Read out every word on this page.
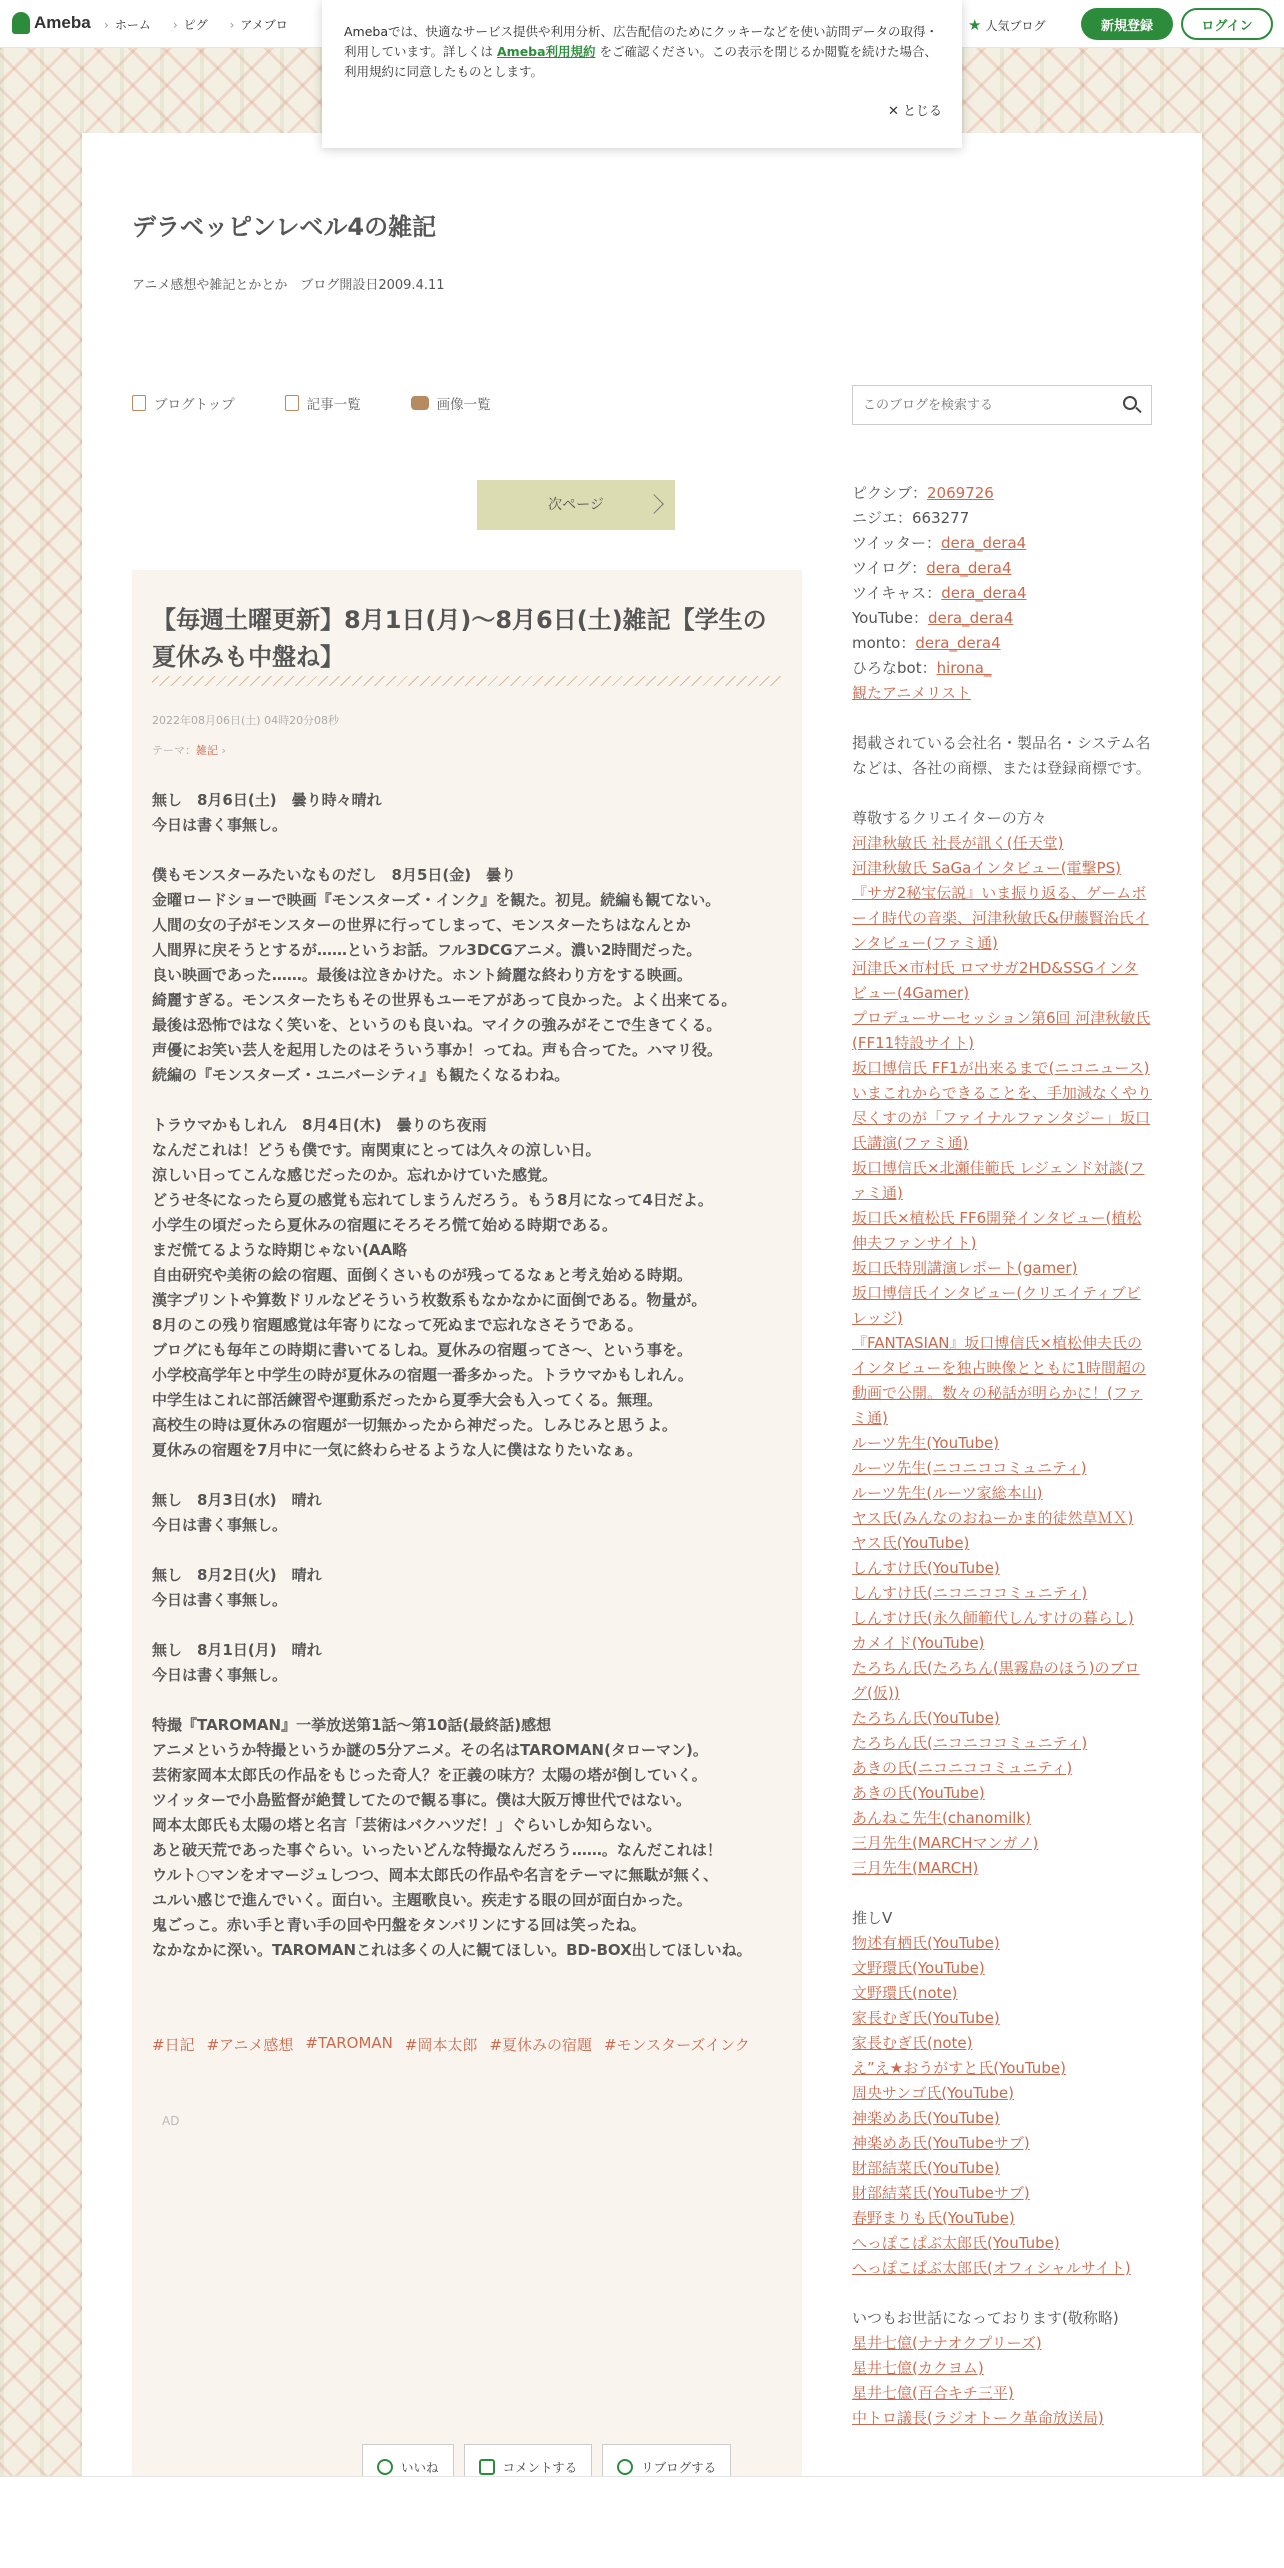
Ameba	› ホーム	› ピグ	› アメブロ	★ 人気ブログ	新規登録	ログイン
デラベッピンレベル4の雑記
アニメ感想や雑記とかとか　ブログ開設日2009.4.11
ブログトップ	記事一覧	画像一覧
このブログを検索する
次ページ
【毎週土曜更新】8月1日(月)〜8月6日(土)雑記【学生の夏休みも中盤ね】
2022年08月06日(土) 04時20分08秒
テーマ：雑記 ›
無し　8月6日(土)　曇り時々晴れ
今日は書く事無し。
僕もモンスターみたいなものだし　8月5日(金)　曇り
金曜ロードショーで映画『モンスターズ・インク』を観た。初見。続編も観てない。
人間の女の子がモンスターの世界に行ってしまって、モンスターたちはなんとか
人間界に戻そうとするが……というお話。フル3DCGアニメ。濃い2時間だった。
良い映画であった……。最後は泣きかけた。ホント綺麗な終わり方をする映画。
綺麗すぎる。モンスターたちもその世界もユーモアがあって良かった。よく出来てる。
最後は恐怖ではなく笑いを、というのも良いね。マイクの強みがそこで生きてくる。
声優にお笑い芸人を起用したのはそういう事か！ってね。声も合ってた。ハマリ役。
続編の『モンスターズ・ユニバーシティ』も観たくなるわね。
トラウマかもしれん　8月4日(木)　曇りのち夜雨
なんだこれは！どうも僕です。南関東にとっては久々の涼しい日。
涼しい日ってこんな感じだったのか。忘れかけていた感覚。
どうせ冬になったら夏の感覚も忘れてしまうんだろう。もう8月になって4日だよ。
小学生の頃だったら夏休みの宿題にそろそろ慌て始める時期である。
まだ慌てるような時期じゃない(AA略
自由研究や美術の絵の宿題、面倒くさいものが残ってるなぁと考え始める時期。
漢字プリントや算数ドリルなどそういう枚数系もなかなかに面倒である。物量が。
8月のこの残り宿題感覚は年寄りになって死ぬまで忘れなさそうである。
ブログにも毎年この時期に書いてるしね。夏休みの宿題ってさ～、という事を。
小学校高学年と中学生の時が夏休みの宿題一番多かった。トラウマかもしれん。
中学生はこれに部活練習や運動系だったから夏季大会も入ってくる。無理。
高校生の時は夏休みの宿題が一切無かったから神だった。しみじみと思うよ。
夏休みの宿題を7月中に一気に終わらせるような人に僕はなりたいなぁ。
無し　8月3日(水)　晴れ
今日は書く事無し。
無し　8月2日(火)　晴れ
今日は書く事無し。
無し　8月1日(月)　晴れ
今日は書く事無し。
特撮『TAROMAN』一挙放送第1話～第10話(最終話)感想
アニメというか特撮というか謎の5分アニメ。その名はTAROMAN(タローマン)。
芸術家岡本太郎氏の作品をもじった奇人？を正義の味方？太陽の塔が倒していく。
ツイッターで小島監督が絶賛してたので観る事に。僕は大阪万博世代ではない。
岡本太郎氏も太陽の塔と名言「芸術はバクハツだ！」ぐらいしか知らない。
あと破天荒であった事ぐらい。いったいどんな特撮なんだろう……。なんだこれは！
ウルト○マンをオマージュしつつ、岡本太郎氏の作品や名言をテーマに無駄が無く、
ユルい感じで進んでいく。面白い。主題歌良い。疾走する眼の回が面白かった。
鬼ごっこ。赤い手と青い手の回や円盤をタンバリンにする回は笑ったね。
なかなかに深い。TAROMANこれは多くの人に観てほしい。BD-BOX出してほしいね。
#日記 #アニメ感想 #TAROMAN #岡本太郎 #夏休みの宿題 #モンスターズインク
AD
いいね	コメントする	リブログする
ピクシブ：2069726
ニジエ：663277
ツイッター：dera_dera4
ツイログ：dera_dera4
ツイキャス：dera_dera4
YouTube：dera_dera4
monto：dera_dera4
ひろなbot：hirona_
観たアニメリスト
掲載されている会社名・製品名・システム名などは、各社の商標、または登録商標です。
尊敬するクリエイターの方々
河津秋敏氏 社長が訊く(任天堂)
河津秋敏氏 SaGaインタビュー(電撃PS)
『サガ2秘宝伝説』いま振り返る、ゲームボーイ時代の音楽、河津秋敏氏&伊藤賢治氏インタビュー(ファミ通)
河津氏×市村氏 ロマサガ2HD&SSGインタビュー(4Gamer)
プロデューサーセッション第6回 河津秋敏氏(FF11特設サイト)
坂口博信氏 FF1が出来るまで(ニコニュース)
いまこれからできることを、手加減なくやり尽くすのが「ファイナルファンタジー」坂口氏講演(ファミ通)
坂口博信氏×北瀬佳範氏 レジェンド対談(ファミ通)
坂口氏×植松氏 FF6開発インタビュー(植松伸夫ファンサイト)
坂口氏特別講演レポート(gamer)
坂口博信氏インタビュー(クリエイティブビレッジ)
『FANTASIAN』坂口博信氏×植松伸夫氏のインタビューを独占映像とともに1時間超の動画で公開。数々の秘話が明らかに！(ファミ通)
ルーツ先生(YouTube)
ルーツ先生(ニコニココミュニティ)
ルーツ先生(ルーツ家総本山)
ヤス氏(みんなのおねーかま的徒然草ＭＸ)
ヤス氏(YouTube)
しんすけ氏(YouTube)
しんすけ氏(ニコニココミュニティ)
しんすけ氏(永久師範代しんすけの暮らし)
カメイド(YouTube)
たろちん氏(たろちん(黒霧島のほう)のブログ(仮))
たろちん氏(YouTube)
たろちん氏(ニコニココミュニティ)
あきの氏(ニコニココミュニティ)
あきの氏(YouTube)
あんねこ先生(chanomilk)
三月先生(MARCHマンガノ)
三月先生(MARCH)
推しV
物述有栖氏(YouTube)
文野環氏(YouTube)
文野環氏(note)
家長むぎ氏(YouTube)
家長むぎ氏(note)
え”え★おうがすと氏(YouTube)
周央サンゴ氏(YouTube)
神楽めあ氏(YouTube)
神楽めあ氏(YouTubeサブ)
財部結菜氏(YouTube)
財部結菜氏(YouTubeサブ)
春野まりも氏(YouTube)
へっぽこぱぶ太郎氏(YouTube)
へっぽこぱぶ太郎氏(オフィシャルサイト)
いつもお世話になっております(敬称略)
星井七億(ナナオクプリーズ)
星井七億(カクヨム)
星井七億(百合キチ三平)
中トロ議長(ラジオトーク革命放送局)
Amebaでは、快適なサービス提供や利用分析、広告配信のためにクッキーなどを使い訪問データの取得・利用しています。詳しくは Ameba利用規約 をご確認ください。この表示を閉じるか閲覧を続けた場合、利用規約に同意したものとします。
✕ とじる
